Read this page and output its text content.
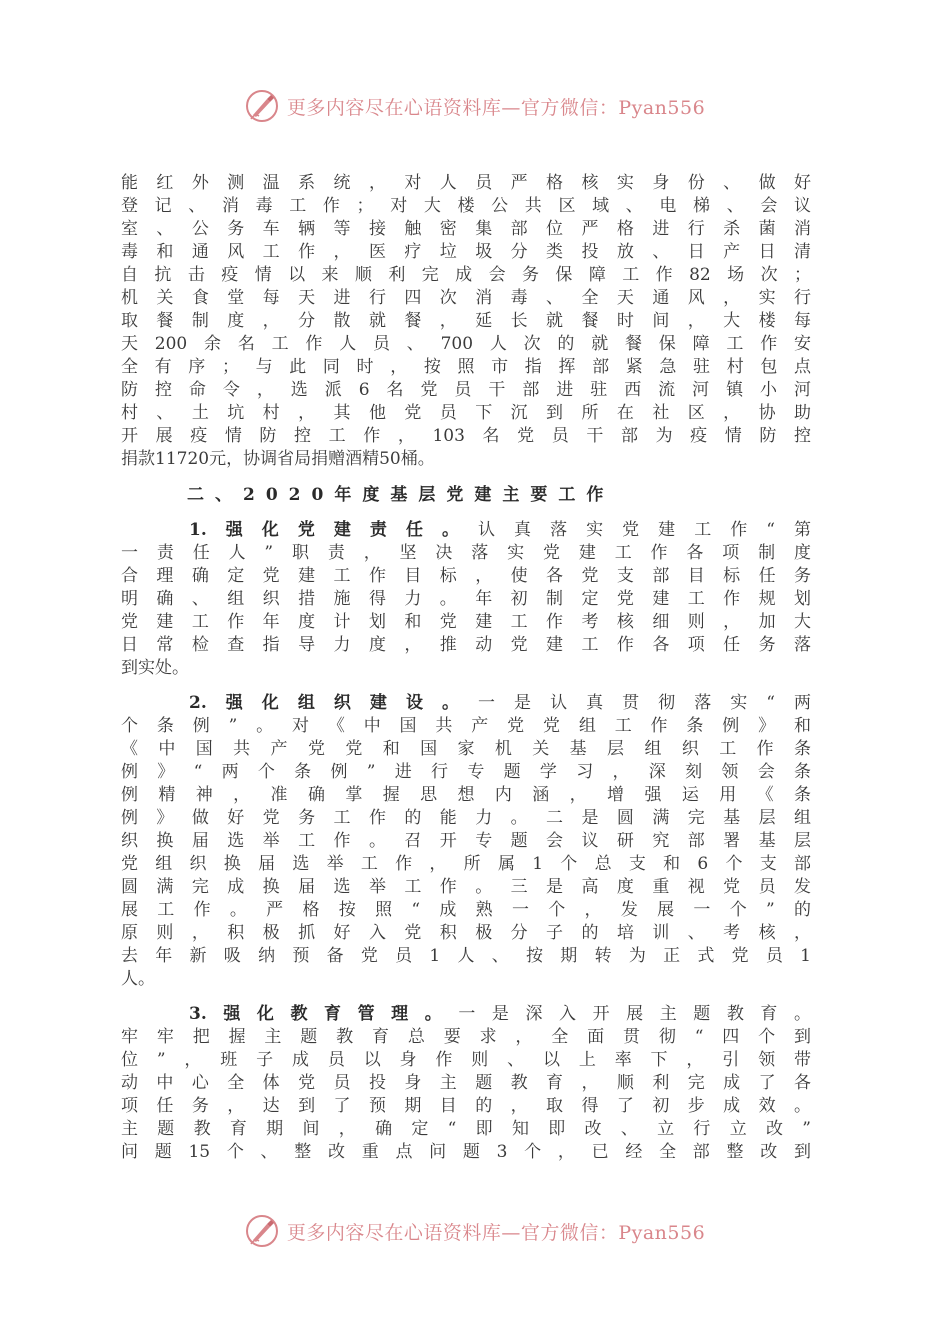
更多内容尽在心语资料库—官方微信：Pyan556
能红外测温系统，对人员严格核实身份、做好
登记、消毒工作；对大楼公共区域、电梯、会议
室、公务车辆等接触密集部位严格进行杀菌消
毒和通风工作，医疗垃圾分类投放、日产日清
自抗击疫情以来顺利完成会务保障工作82场次；
机关食堂每天进行四次消毒、全天通风，实行
取餐制度，分散就餐，延长就餐时间，大楼每
天200余名工作人员、700人次的就餐保障工作安
全有序；与此同时，按照市指挥部紧急驻村包点
防控命令，选派6名党员干部进驻西流河镇小河
村、土坑村，其他党员下沉到所在社区，协助
开展疫情防控工作，103名党员干部为疫情防控
捐款11720元，协调省局捐赠酒精50桶。
二、2020年度基层党建主要工作
1.强化党建责任。认真落实党建工作“第
一责任人”职责，坚决落实党建工作各项制度
合理确定党建工作目标，使各党支部目标任务
明确、组织措施得力。年初制定党建工作规划
党建工作年度计划和党建工作考核细则，加大
日常检查指导力度，推动党建工作各项任务落
到实处。
2.强化组织建设。一是认真贯彻落实“两
个条例”。对《中国共产党党组工作条例》和
《中国共产党党和国家机关基层组织工作条
例》“两个条例”进行专题学习，深刻领会条
例精神，准确掌握思想内涵，增强运用《条
例》做好党务工作的能力。二是圆满完基层组
织换届选举工作。召开专题会议研究部署基层
党组织换届选举工作，所属1个总支和6个支部
圆满完成换届选举工作。三是高度重视党员发
展工作。严格按照“成熟一个，发展一个”的
原则，积极抓好入党积极分子的培训、考核，
去年新吸纳预备党员1人、按期转为正式党员1
人。
3.强化教育管理。一是深入开展主题教育。
牢牢把握主题教育总要求，全面贯彻“四个到
位”，班子成员以身作则、以上率下，引领带
动中心全体党员投身主题教育，顺利完成了各
项任务，达到了预期目的，取得了初步成效。
主题教育期间，确定“即知即改、立行立改”
问题15个、整改重点问题3个，已经全部整改到
更多内容尽在心语资料库—官方微信：Pyan556
